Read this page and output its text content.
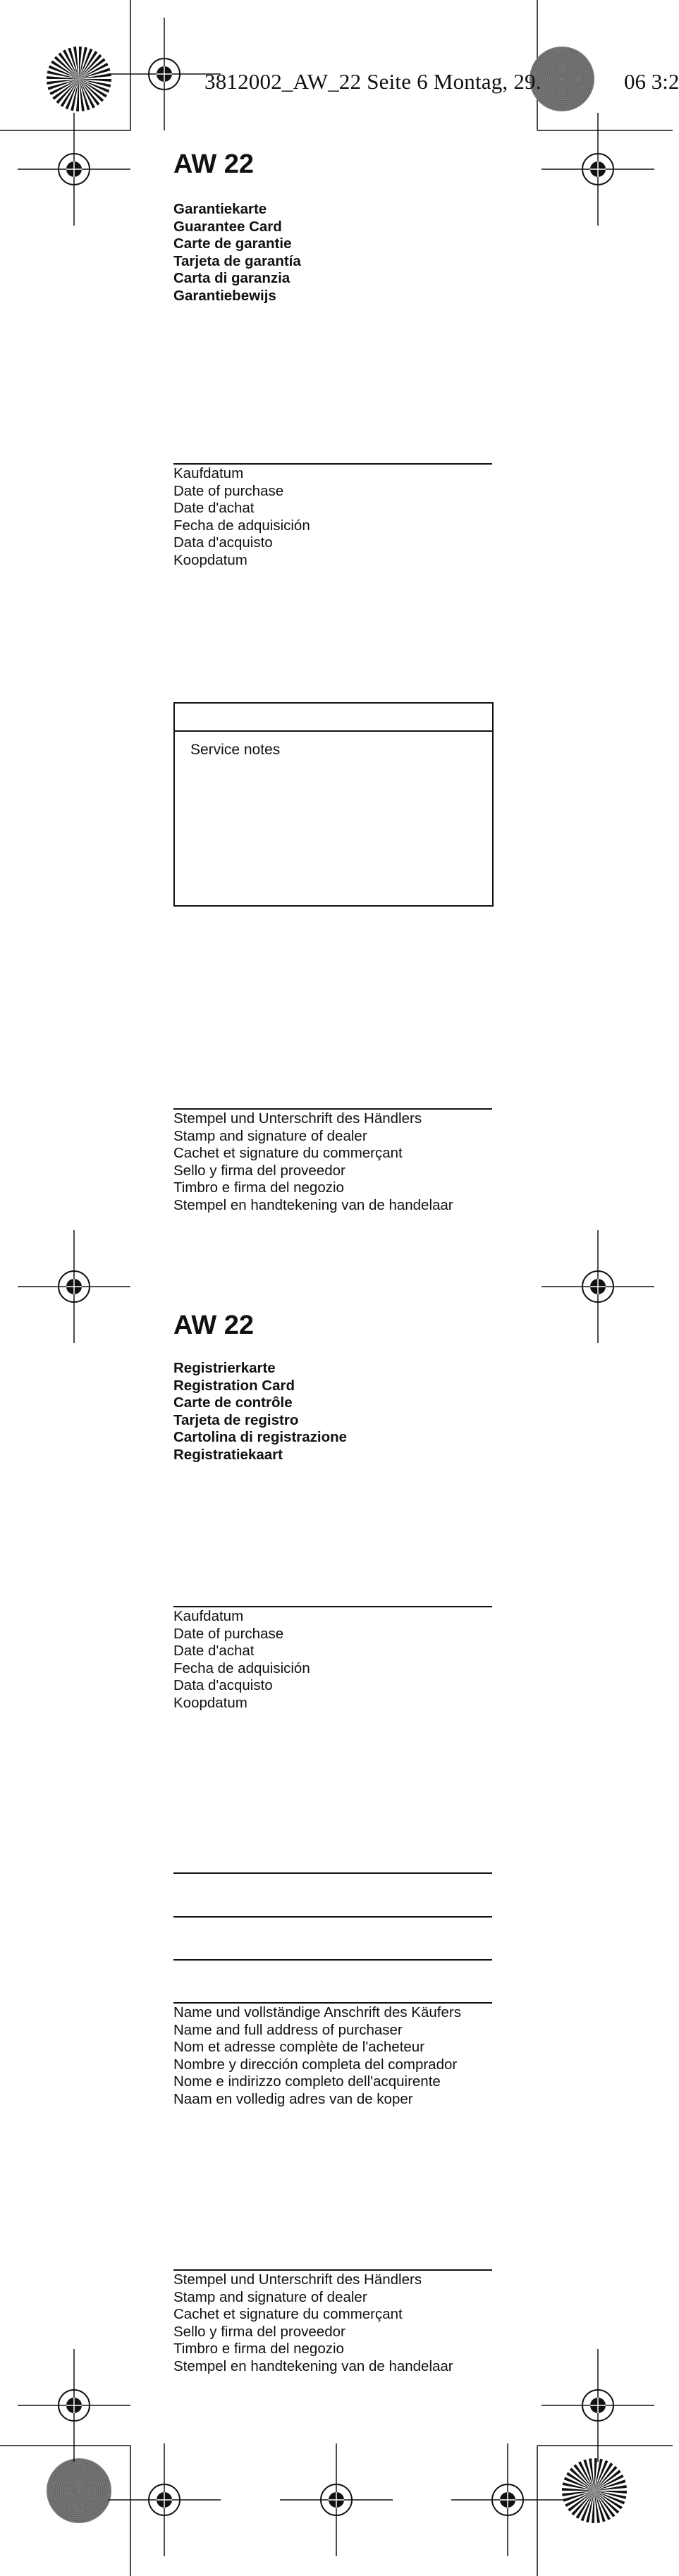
3812002_AW_22 Seite 6 Montag, 29.	06 3:2
AW 22
Garantiekarte
Guarantee Card
Carte de garantie
Tarjeta de garantía
Carta di garanzia
Garantiebewijs
Kaufdatum
Date of purchase
Date d'achat
Fecha de adquisición
Data d'acquisto
Koopdatum
Service notes
Stempel und Unterschrift des Händlers
Stamp and signature of dealer
Cachet et signature du commerçant
Sello y firma del proveedor
Timbro e firma del negozio
Stempel en handtekening van de handelaar
AW 22
Registrierkarte
Registration Card
Carte de contrôle
Tarjeta de registro
Cartolina di registrazione
Registratiekaart
Kaufdatum
Date of purchase
Date d'achat
Fecha de adquisición
Data d'acquisto
Koopdatum
Name und vollständige Anschrift des Käufers
Name and full address of purchaser
Nom et adresse complète de l'acheteur
Nombre y dirección completa del comprador
Nome e indirizzo completo dell'acquirente
Naam en volledig adres van de koper
Stempel und Unterschrift des Händlers
Stamp and signature of dealer
Cachet et signature du commerçant
Sello y firma del proveedor
Timbro e firma del negozio
Stempel en handtekening van de handelaar
